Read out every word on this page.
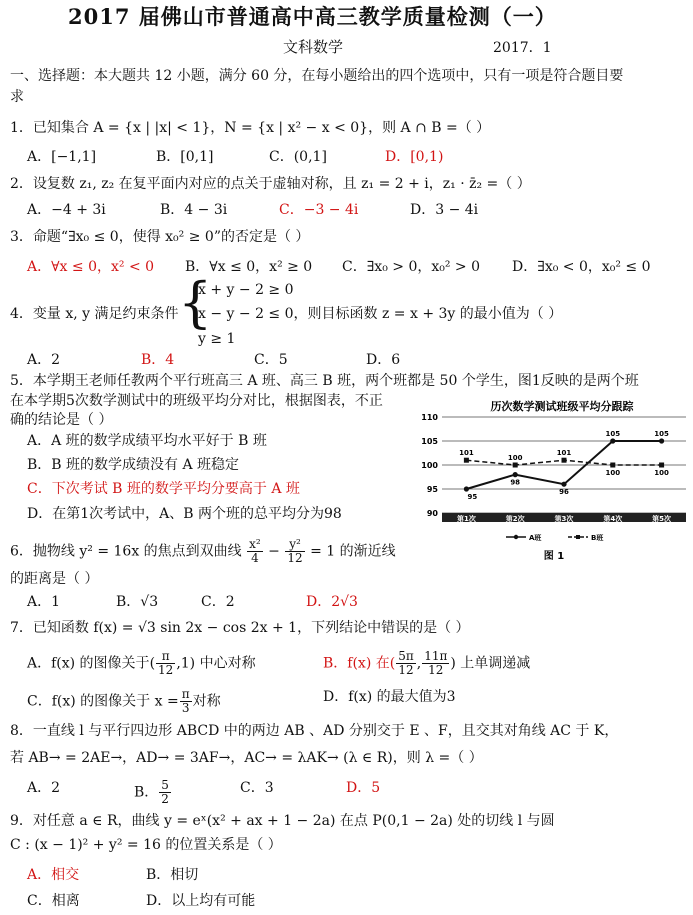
2017 届佛山市普通高中高三教学质量检测（一）
文科数学	2017．1
一、选择题：本大题共 12 小题，满分 60 分，在每小题给出的四个选项中，只有一项是符合题目要
求
1．已知集合 A = {x | |x| < 1}，N = {x | x² − x < 0}，则 A ∩ B =（ ）
A．[−1,1]	B．[0,1]	C．(0,1]	D．[0,1)
2．设复数 z₁, z₂ 在复平面内对应的点关于虚轴对称，且 z₁ = 2 + i，z₁ · z̄₂ =（ ）
A．−4 + 3i	B．4 − 3i	C．−3 − 4i	D．3 − 4i
3．命题“∃x₀ ≤ 0，使得 x₀² ≥ 0”的否定是（ ）
A．∀x ≤ 0，x² < 0 B．∀x ≤ 0，x² ≥ 0 C．∃x₀ > 0，x₀² > 0 D．∃x₀ < 0，x₀² ≤ 0
4．变量 x, y 满足约束条件 {
x + y − 2 ≥ 0
x − y − 2 ≤ 0，则目标函数 z = x + 3y 的最小值为（ ）
y ≥ 1
A．2	B．4	C．5	D．6
5．本学期王老师任教两个平行班高三 A 班、高三 B 班，两个班都是 50 个学生，图1反映的是两个班
在本学期5次数学测试中的班级平均分对比，根据图表，不正
确的结论是（ ）
A．A 班的数学成绩平均水平好于 B 班
B．B 班的数学成绩没有 A 班稳定
C．下次考试 B 班的数学平均分要高于 A 班
D．在第1次考试中，A、B 两个班的总平均分为98
历次数学测试班级平均分跟踪
90
95
100
105
110
95
98
96
105	105
101
100
101
100	100
第1次	第2次	第3次	第4次	第5次
A班	B班
图 1
6．抛物线 y² = 16x 的焦点到双曲线 $\frac{\text{x²}}{4} - \frac{\text{y²}}{12} = 1$ 的渐近线
的距离是（ ）
A．1	B．√3	C．2	D．2√3
7．已知函数 f(x) = √3 sin 2x − cos 2x + 1，下列结论中错误的是（ ）
A．f(x) 的图像关于( $\frac{\pi}{12} ,1$) 中心对称	B．f(x) 在( $\frac{5\pi}{12}$ , $\frac{11\pi}{12}$ ) 上单调递减
C．f(x) 的图像关于 $x = \frac{\pi}{3}$ 对称	D．f(x) 的最大值为3
8．一直线 l 与平行四边形 ABCD 中的两边 AB 、AD 分别交于 E 、F，且交其对角线 AC 于 K，
若 AB→ = 2AE→，AD→ = 3AF→，AC→ = λAK→ (λ ∈ R)，则 λ =（ ）
A．2	B． $\frac{5}{2}$	C．3	D．5
9．对任意 a ∈ R，曲线 y = eˣ(x² + ax + 1 − 2a) 在点 P(0,1 − 2a) 处的切线 l 与圆
C : (x − 1)² + y² = 16 的位置关系是（ ）
A．相交	B．相切
C．相离	D．以上均有可能
